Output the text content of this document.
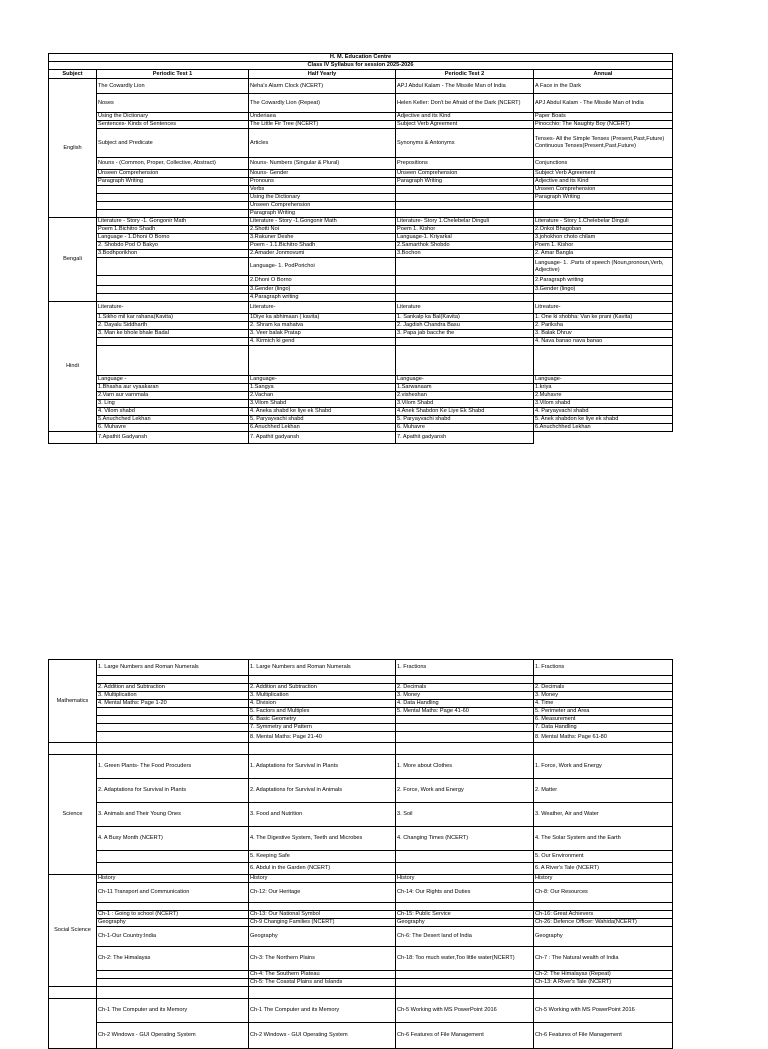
H. M. Education Centre				
Class IV Syllabus for session 2025-2026				
Subject	Periodic Test 1	Half Yearly	Periodic Test 2	Annual
English	The Cowardly Lion	Neha's Alarm Clock (NCERT)	APJ Abdul Kalam - The Missile Man of India	A Face in the Dark
	Noses	The Cowardly Lion (Repeat)	Helen Keller: Don't be Afraid of the Dark (NCERT)	APJ Abdul Kalam - The Missile Man of India
	Using the Dictionary	Underiaea	Adjective and its Kind	Paper Boats
	Sentences- Kinds of Sentences	The Little Fir Tree (NCERT)	Subject Verb Agreement	Pinocchio: The Naughty Boy (NCERT)
	Subject and Predicate	Articles	Synonyms & Antonyms	Tenses- All the Simple Tenses (Present,Past,Future) Continuous Tenses(Present,Past,Future)
	Nouns - (Common, Proper, Collective, Abstract)	Nouns- Numbers (Singular & Plural)	Prepositions	Conjunctions
	Unseen Comprehension	Nouns- Gender	Unseen Comprehension	Subject Verb Agreement
	Paragraph Writing	Pronouns	Paragraph Writing	Adjective and its Kind
		Verbs		Unseen Comprehension
		Using the Dictionary		Paragraph Writing
		Unseen Comprehension		
		Paragraph Writing		
Bengali	Literature - Story -1. Gongonir Math	Literature - Story -1.Gongonir Math	Literature- Story 1.Chelebelar Dinguli	Literature - Story 1.Chelebelar Dinguli
	Poem 1.Bichitro Shadh	2.Shotti Noi	Poem 1. Kishor	2.Onkoi Bhagoban
	Language - 1.Dhoni O Borno	3.Rakuner Deshe	Language-1. Kriyarkal	3.johokhon choto chilam
	2. Shobdo Pod O Bakyo	Poem - 1.1.Bichitro Shadh	2.Samarthok Shobdo	Poem 1. Kishor
	3.Bodhporikhon	2.Amader Jonmovumi	3.Bochon	2. Amar Bangla
		Language- 1. PodPorichoi		Language- 1. .Parts of speech (Noun,pronoun,Verb, Adjective)
		2.Dhoni O Borno		2.Paragraph writing
		3.Gender (lingo)		3.Gender (lingo)
		4.Paragraph writing		
Hindi	Literature-	Literature-	Literature	Litreature-
	1.Sikho mil kar rahana(Kavita)	1Diye ka abhimaan ( kavita)	1. Sankalp ka Bal(Kavita)	1. One ki shobha: Van ke prani (Kavita)
	2. Dayalu Siddharth	2. Shram ka mahatva	2. Jagdish Chandra Basu	2. Pariksha
	3. Man ke bhole bhale Badal	3. Veer balak Pratap	3. Papa jab bacche the	3. Balak Dhruv
		4. Kirmich ki gend		4. Nava banao nava banao

	Language -	Language-	Language-	Language-
	1.Bhasha aur vyaakaran	1.Sangya	1.Sarwanaam	1.kriya
	2.Varn aur varnmala	2.Vachan	2.visheshan	2.Muhavre
	3. Ling	3.Vilom Shabd	3.Vilom Shabd	3.Vilom shabd
	4. Vilom shabd	4. Aneka shabd ke liye ek Shabd	4.Anek Shabdon Ke Liye Ek Shabd	4. Paryayvachi shabd
	5.Anuchched Lekhan	5. Paryayvachi shabd	5. Paryayvachi shabd	5. Anek shabdon ke liye ek shabd
	6. Muhavre	6.Anuchhed Lekhan	6. Muhavre	6.Anuchchhed Lekhan
	7.Apathit Gadyansh	7. Apathit gadyansh	7. Apathit gadyansh	
Mathematics	1. Large Numbers and Roman Numerals	1. Large Numbers and Roman Numerals	1. Fractions	1. Fractions

	2. Addition and Subtraction	2. Addition and Subtraction	2. Decimals	2. Decimals
	3. Multiplication	3. Multiplication	3. Money	3. Money
	4. Mental Maths: Page 1-20	4. Division	4. Data Handling	4. Time
		5. Factors and Multiples	5. Mental Maths: Page 41-60	5. Perimeter and Area
		6. Basic Geometry		6. Measurement
		7. Symmetry and Pattern		7. Data Handling
		8. Mental Maths: Page 21-40		8. Mental Maths: Page 61-80

Science	1. Green Plants- The Food Procuders	1. Adaptations for Survival in Plants	1. More about Clothes	1. Force, Work and Energy
	2. Adaptations for Survival in Plants	2. Adaptations for Survival in Animals	2. Force, Work and Energy	2. Matter
	3. Animals and Their Young Ones	3. Food and Nutrition	3. Soil	3. Weather, Air and Water
	4. A Busy Month (NCERT)	4. The Digestive System, Teeth and Microbes	4. Changing Times (NCERT)	4. The Solar System and the Earth
		5. Keeping Safe		5. Our Environment
		6. Abdul in the Garden (NCERT)		6. A River's Tale (NCERT)
Social Science	History	History	History	History
	Ch-11 Transport and Communication	Ch-12: Our Heritage	Ch-14: Our Rights and Duties	Ch-8: Our Resources

	Ch-1 : Going to school (NCERT)	Ch-13: Our National Symbol	Ch-15: Public Service	Ch-16: Great Achievers
	Geography	Ch-9 Changing Families (NCERT)	Geography	Ch-26: Defence Officer: Wahida(NCERT)
	Ch-1-Our Country:India	Geography	Ch-6: The Desert land of India	Geography
	Ch-2: The Himalayas	Ch-3: The Northern Plains	Ch-18: Too much water,Too little water(NCERT)	Ch-7 : The Natural wealth of India
		Ch-4: The Southern Plateau		Ch-2: The Himalayas (Repeat)
		Ch-5: The Coastal Plains and Islands		Ch-13: A River's Tale (NCERT)

	Ch-1 The Computer and its Memory	Ch-1 The Computer and its Memory	Ch-5 Working with MS PowerPoint 2016	Ch-5 Working with MS PowerPoint 2016
	Ch-2 Windows - GUI Operating System	Ch-2 Windows - GUI Operating System	Ch-6 Features of File Management	Ch-6 Features of File Management
